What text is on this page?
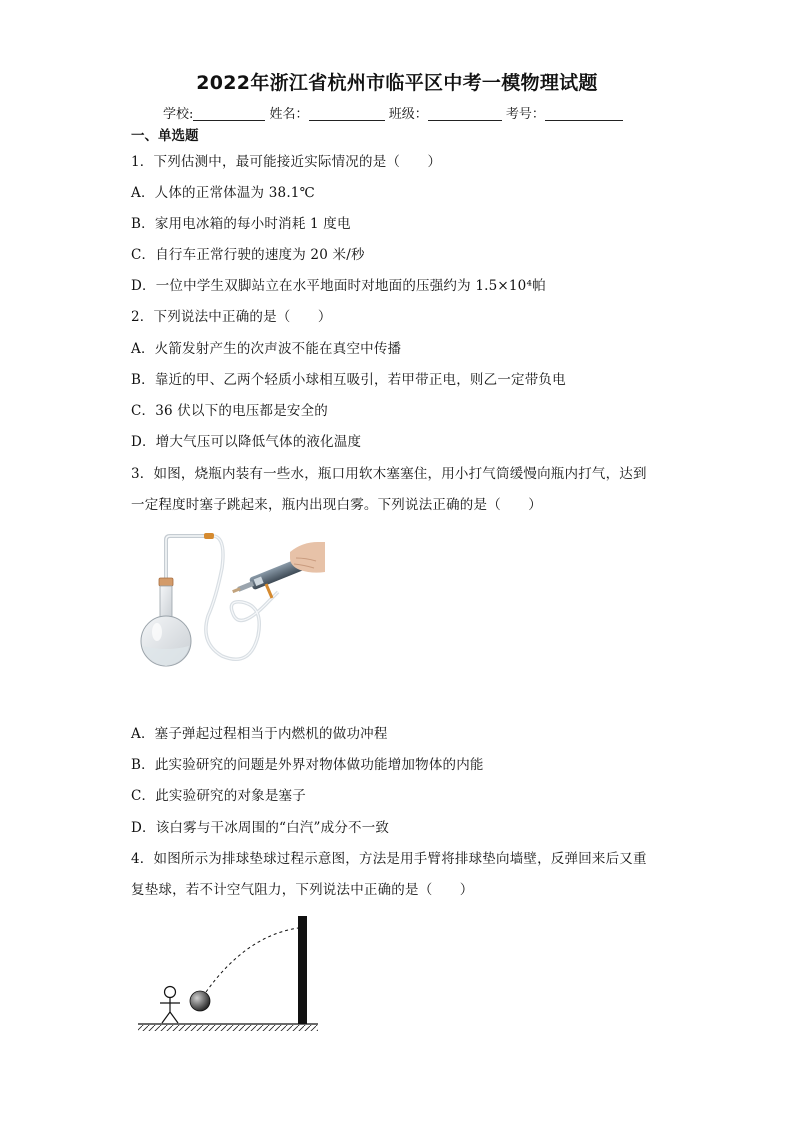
2022年浙江省杭州市临平区中考一模物理试题
学校:	姓名：	班级：	考号：
一、单选题
1．下列估测中，最可能接近实际情况的是（　　）
A．人体的正常体温为 38.1℃
B．家用电冰箱的每小时消耗 1 度电
C．自行车正常行驶的速度为 20 米/秒
D．一位中学生双脚站立在水平地面时对地面的压强约为 1.5×10⁴帕
2．下列说法中正确的是（　　）
A．火箭发射产生的次声波不能在真空中传播
B．靠近的甲、乙两个轻质小球相互吸引，若甲带正电，则乙一定带负电
C．36 伏以下的电压都是安全的
D．增大气压可以降低气体的液化温度
3．如图，烧瓶内装有一些水，瓶口用软木塞塞住，用小打气筒缓慢向瓶内打气，达到
一定程度时塞子跳起来，瓶内出现白雾。下列说法正确的是（　　）
A．塞子弹起过程相当于内燃机的做功冲程
B．此实验研究的问题是外界对物体做功能增加物体的内能
C．此实验研究的对象是塞子
D．该白雾与干冰周围的“白汽”成分不一致
4．如图所示为排球垫球过程示意图，方法是用手臂将排球垫向墙壁，反弹回来后又重
复垫球，若不计空气阻力，下列说法中正确的是（　　）
